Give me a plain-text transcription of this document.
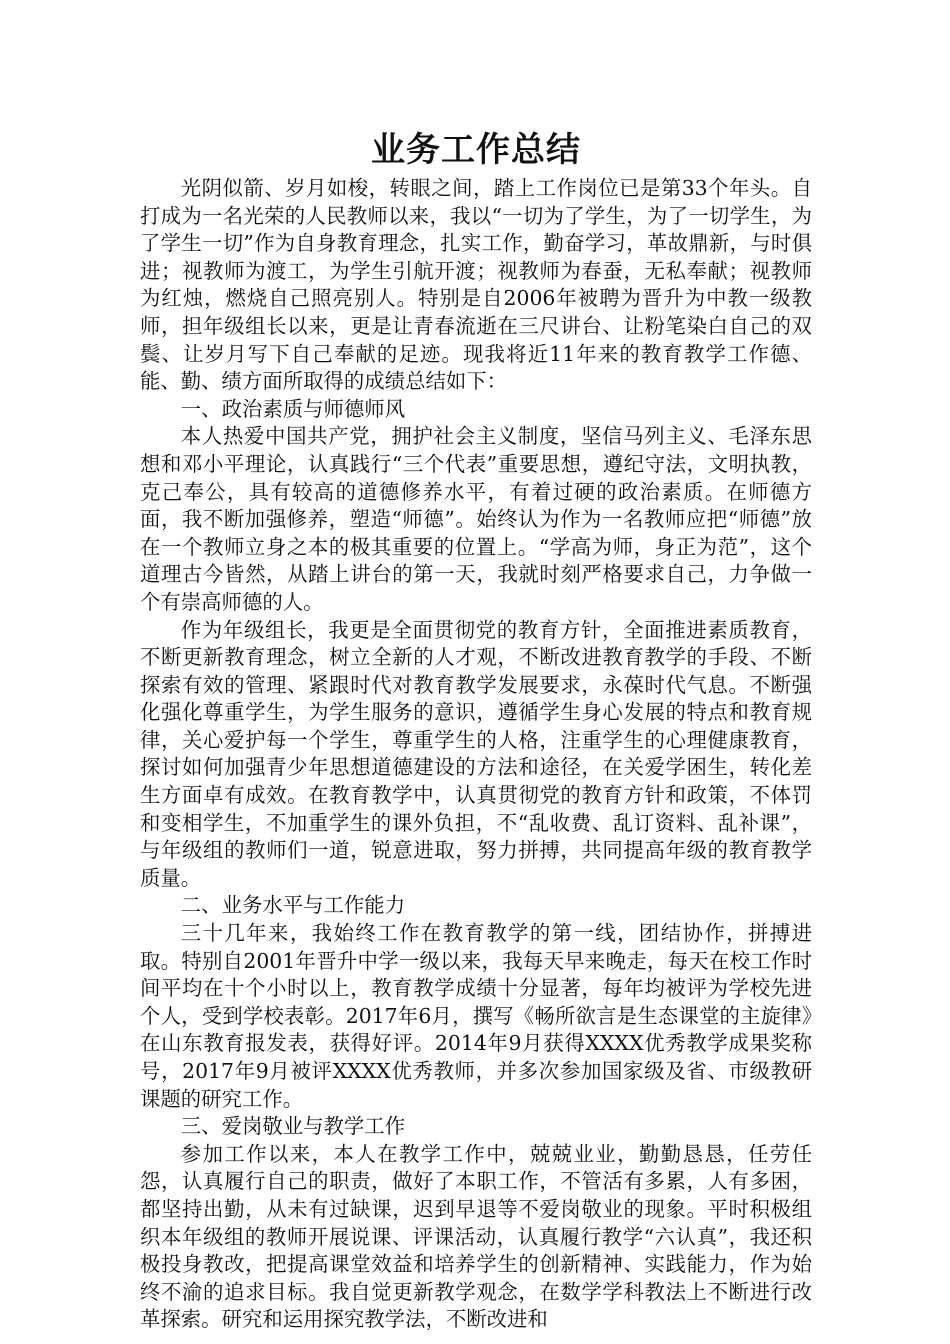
业务工作总结

光阴似箭、岁月如梭，转眼之间，踏上工作岗位已是第33个年头。自打成为一名光荣的人民教师以来，我以“一切为了学生，为了一切学生，为了学生一切”作为自身教育理念，扎实工作，勤奋学习，革故鼎新，与时俱进；视教师为渡工，为学生引航开渡；视教师为春蚕，无私奉献；视教师为红烛，燃烧自己照亮别人。特别是自2006年被聘为晋升为中教一级教师，担年级组长以来，更是让青春流逝在三尺讲台、让粉笔染白自己的双鬓、让岁月写下自己奉献的足迹。现我将近11年来的教育教学工作德、能、勤、绩方面所取得的成绩总结如下：

一、政治素质与师德师风

本人热爱中国共产党，拥护社会主义制度，坚信马列主义、毛泽东思想和邓小平理论，认真践行“三个代表”重要思想，遵纪守法，文明执教，克己奉公，具有较高的道德修养水平，有着过硬的政治素质。在师德方面，我不断加强修养，塑造“师德”。始终认为作为一名教师应把“师德”放在一个教师立身之本的极其重要的位置上。“学高为师，身正为范”，这个道理古今皆然，从踏上讲台的第一天，我就时刻严格要求自己，力争做一个有崇高师德的人。

作为年级组长，我更是全面贯彻党的教育方针，全面推进素质教育，不断更新教育理念，树立全新的人才观，不断改进教育教学的手段、不断探索有效的管理、紧跟时代对教育教学发展要求，永葆时代气息。不断强化强化尊重学生，为学生服务的意识，遵循学生身心发展的特点和教育规律，关心爱护每一个学生，尊重学生的人格，注重学生的心理健康教育，探讨如何加强青少年思想道德建设的方法和途径，在关爱学困生，转化差生方面卓有成效。在教育教学中，认真贯彻党的教育方针和政策，不体罚和变相学生，不加重学生的课外负担，不“乱收费、乱订资料、乱补课”，与年级组的教师们一道，锐意进取，努力拼搏，共同提高年级的教育教学质量。

二、业务水平与工作能力

三十几年来，我始终工作在教育教学的第一线，团结协作，拼搏进取。特别自2001年晋升中学一级以来，我每天早来晚走，每天在校工作时间平均在十个小时以上，教育教学成绩十分显著，每年均被评为学校先进个人，受到学校表彰。2017年6月，撰写《畅所欲言是生态课堂的主旋律》在山东教育报发表，获得好评。2014年9月获得XXXX优秀教学成果奖称号，2017年9月被评XXXX优秀教师，并多次参加国家级及省、市级教研课题的研究工作。

三、爱岗敬业与教学工作

参加工作以来，本人在教学工作中，兢兢业业，勤勤恳恳，任劳任怨，认真履行自己的职责，做好了本职工作，不管活有多累，人有多困，都坚持出勤，从未有过缺课，迟到早退等不爱岗敬业的现象。平时积极组织本年级组的教师开展说课、评课活动，认真履行教学“六认真”，我还积极投身教改，把提高课堂效益和培养学生的创新精神、实践能力，作为始终不渝的追求目标。我自觉更新教学观念，在数学学科教法上不断进行改革探索。研究和运用探究教学法，不断改进和
